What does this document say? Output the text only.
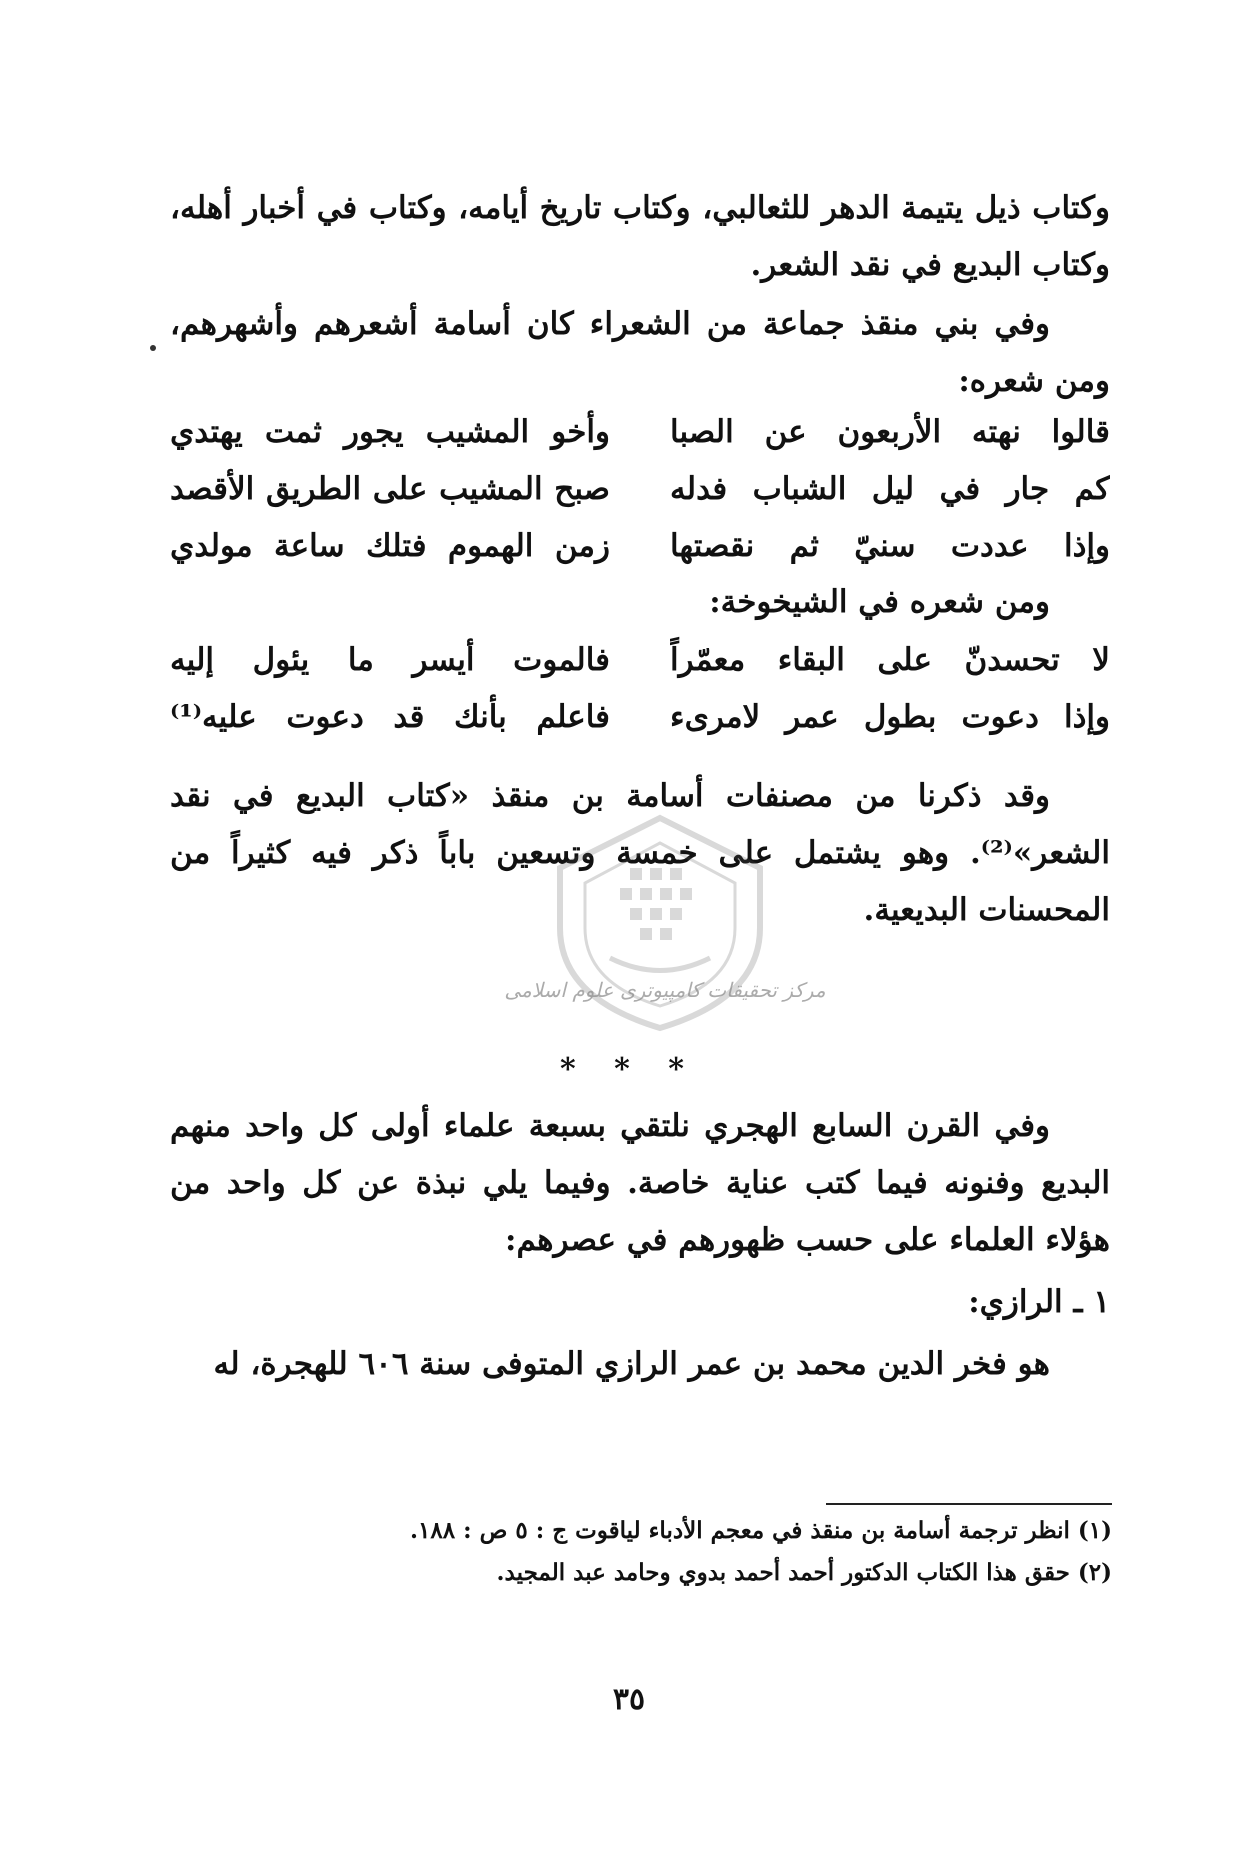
وكتاب ذيل يتيمة الدهر للثعالبي، وكتاب تاريخ أيامه، وكتاب في أخبار أهله، وكتاب البديع في نقد الشعر.

وفي بني منقذ جماعة من الشعراء كان أسامة أشعرهم وأشهرهم، ومن شعره:

قالوا نهته الأربعون عن الصبا
وأخو المشيب يجور ثمت يهتدي
كم جار في ليل الشباب فدله
صبح المشيب على الطريق الأقصد
وإذا عددت سنيّ ثم نقصتها
زمن الهموم فتلك ساعة مولدي

ومن شعره في الشيخوخة:

لا تحسدنّ على البقاء معمّراً
فالموت أيسر ما يئول إليه
وإذا دعوت بطول عمر لامرىء
فاعلم بأنك قد دعوت عليه⁽¹⁾

وقد ذكرنا من مصنفات أسامة بن منقذ «كتاب البديع في نقد الشعر»⁽²⁾. وهو يشتمل على خمسة وتسعين باباً ذكر فيه كثيراً من المحسنات البديعية.

مرکز تحقیقات کامپیوتری علوم اسلامی
* * *

وفي القرن السابع الهجري نلتقي بسبعة علماء أولى كل واحد منهم البديع وفنونه فيما كتب عناية خاصة. وفيما يلي نبذة عن كل واحد من هؤلاء العلماء على حسب ظهورهم في عصرهم:

١ ـ الرازي:

هو فخر الدين محمد بن عمر الرازي المتوفى سنة ٦٠٦ للهجرة، له

(١) انظر ترجمة أسامة بن منقذ في معجم الأدباء لياقوت ج : ٥ ص : ١٨٨.
(٢) حقق هذا الكتاب الدكتور أحمد أحمد بدوي وحامد عبد المجيد.
٣٥
